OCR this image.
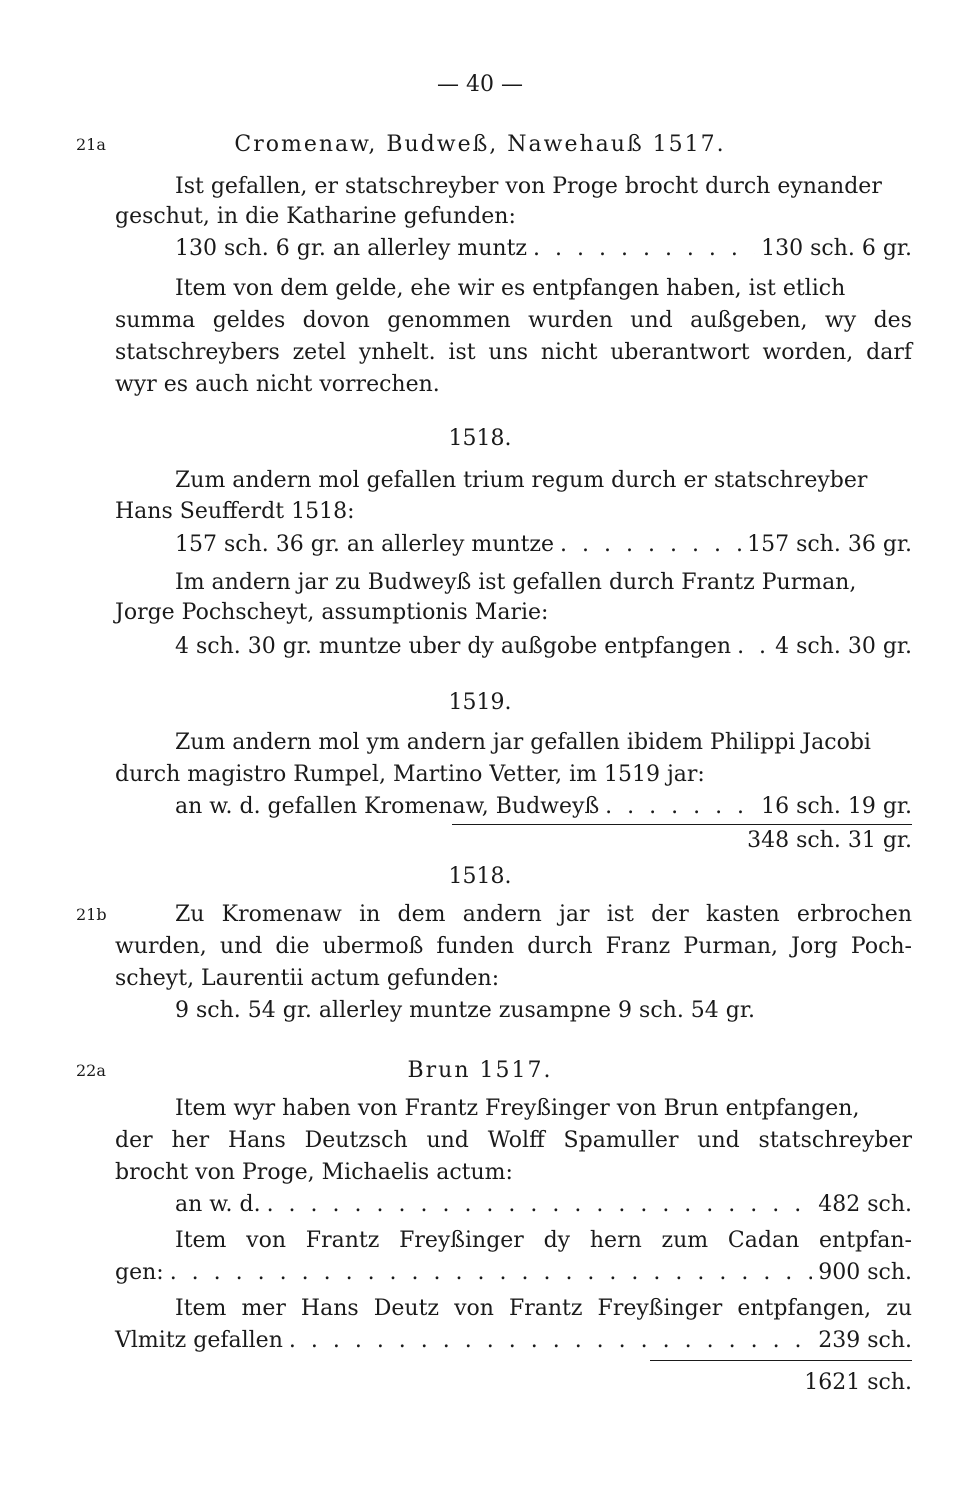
— 40 —
21a	Cromenaw, Budweß, Nawehauß 1517.
Ist gefallen, er statschreyber von Proge brocht durch eynander
geschut, in die Katharine gefunden:
130 sch. 6 gr. an allerley muntz . . .	130 sch. 6 gr.
Item von dem gelde, ehe wir es entpfangen haben, ist etlich
summa geldes dovon genommen wurden und außgeben, wy des
statschreybers zetel ynhelt. ist uns nicht uberantwort worden, darf
wyr es auch nicht vorrechen.
1518.
Zum andern mol gefallen trium regum durch er statschreyber
Hans Seufferdt 1518:
157 sch. 36 gr. an allerley muntze . . .	157 sch. 36 gr.
Im andern jar zu Budweyß ist gefallen durch Frantz Purman,
Jorge Pochscheyt, assumptionis Marie:
4 sch. 30 gr. muntze uber dy außgobe entpfangen . . . 4 sch. 30 gr.
1519.
Zum andern mol ym andern jar gefallen ibidem Philippi Jacobi
durch magistro Rumpel, Martino Vetter, im 1519 jar:
an w. d. gefallen Kromenaw, Budweyß . . .	16 sch. 19 gr.
348 sch. 31 gr.
1518.
21b	Zu Kromenaw in dem andern jar ist der kasten erbrochen
wurden, und die ubermoß funden durch Franz Purman, Jorg Poch-
scheyt, Laurentii actum gefunden:
9 sch. 54 gr. allerley muntze zusampne 9 sch. 54 gr.
22a	Brun 1517.
Item wyr haben von Frantz Freyßinger von Brun entpfangen,
der her Hans Deutzsch und Wolff Spamuller und statschreyber
brocht von Proge, Michaelis actum:
an w. d. . . .	482 sch.
Item von Frantz Freyßinger dy hern zum Cadan entpfan-
gen: . . .	900 sch.
Item mer Hans Deutz von Frantz Freyßinger entpfangen, zu
Vlmitz gefallen . . .	239 sch.
1621 sch.
